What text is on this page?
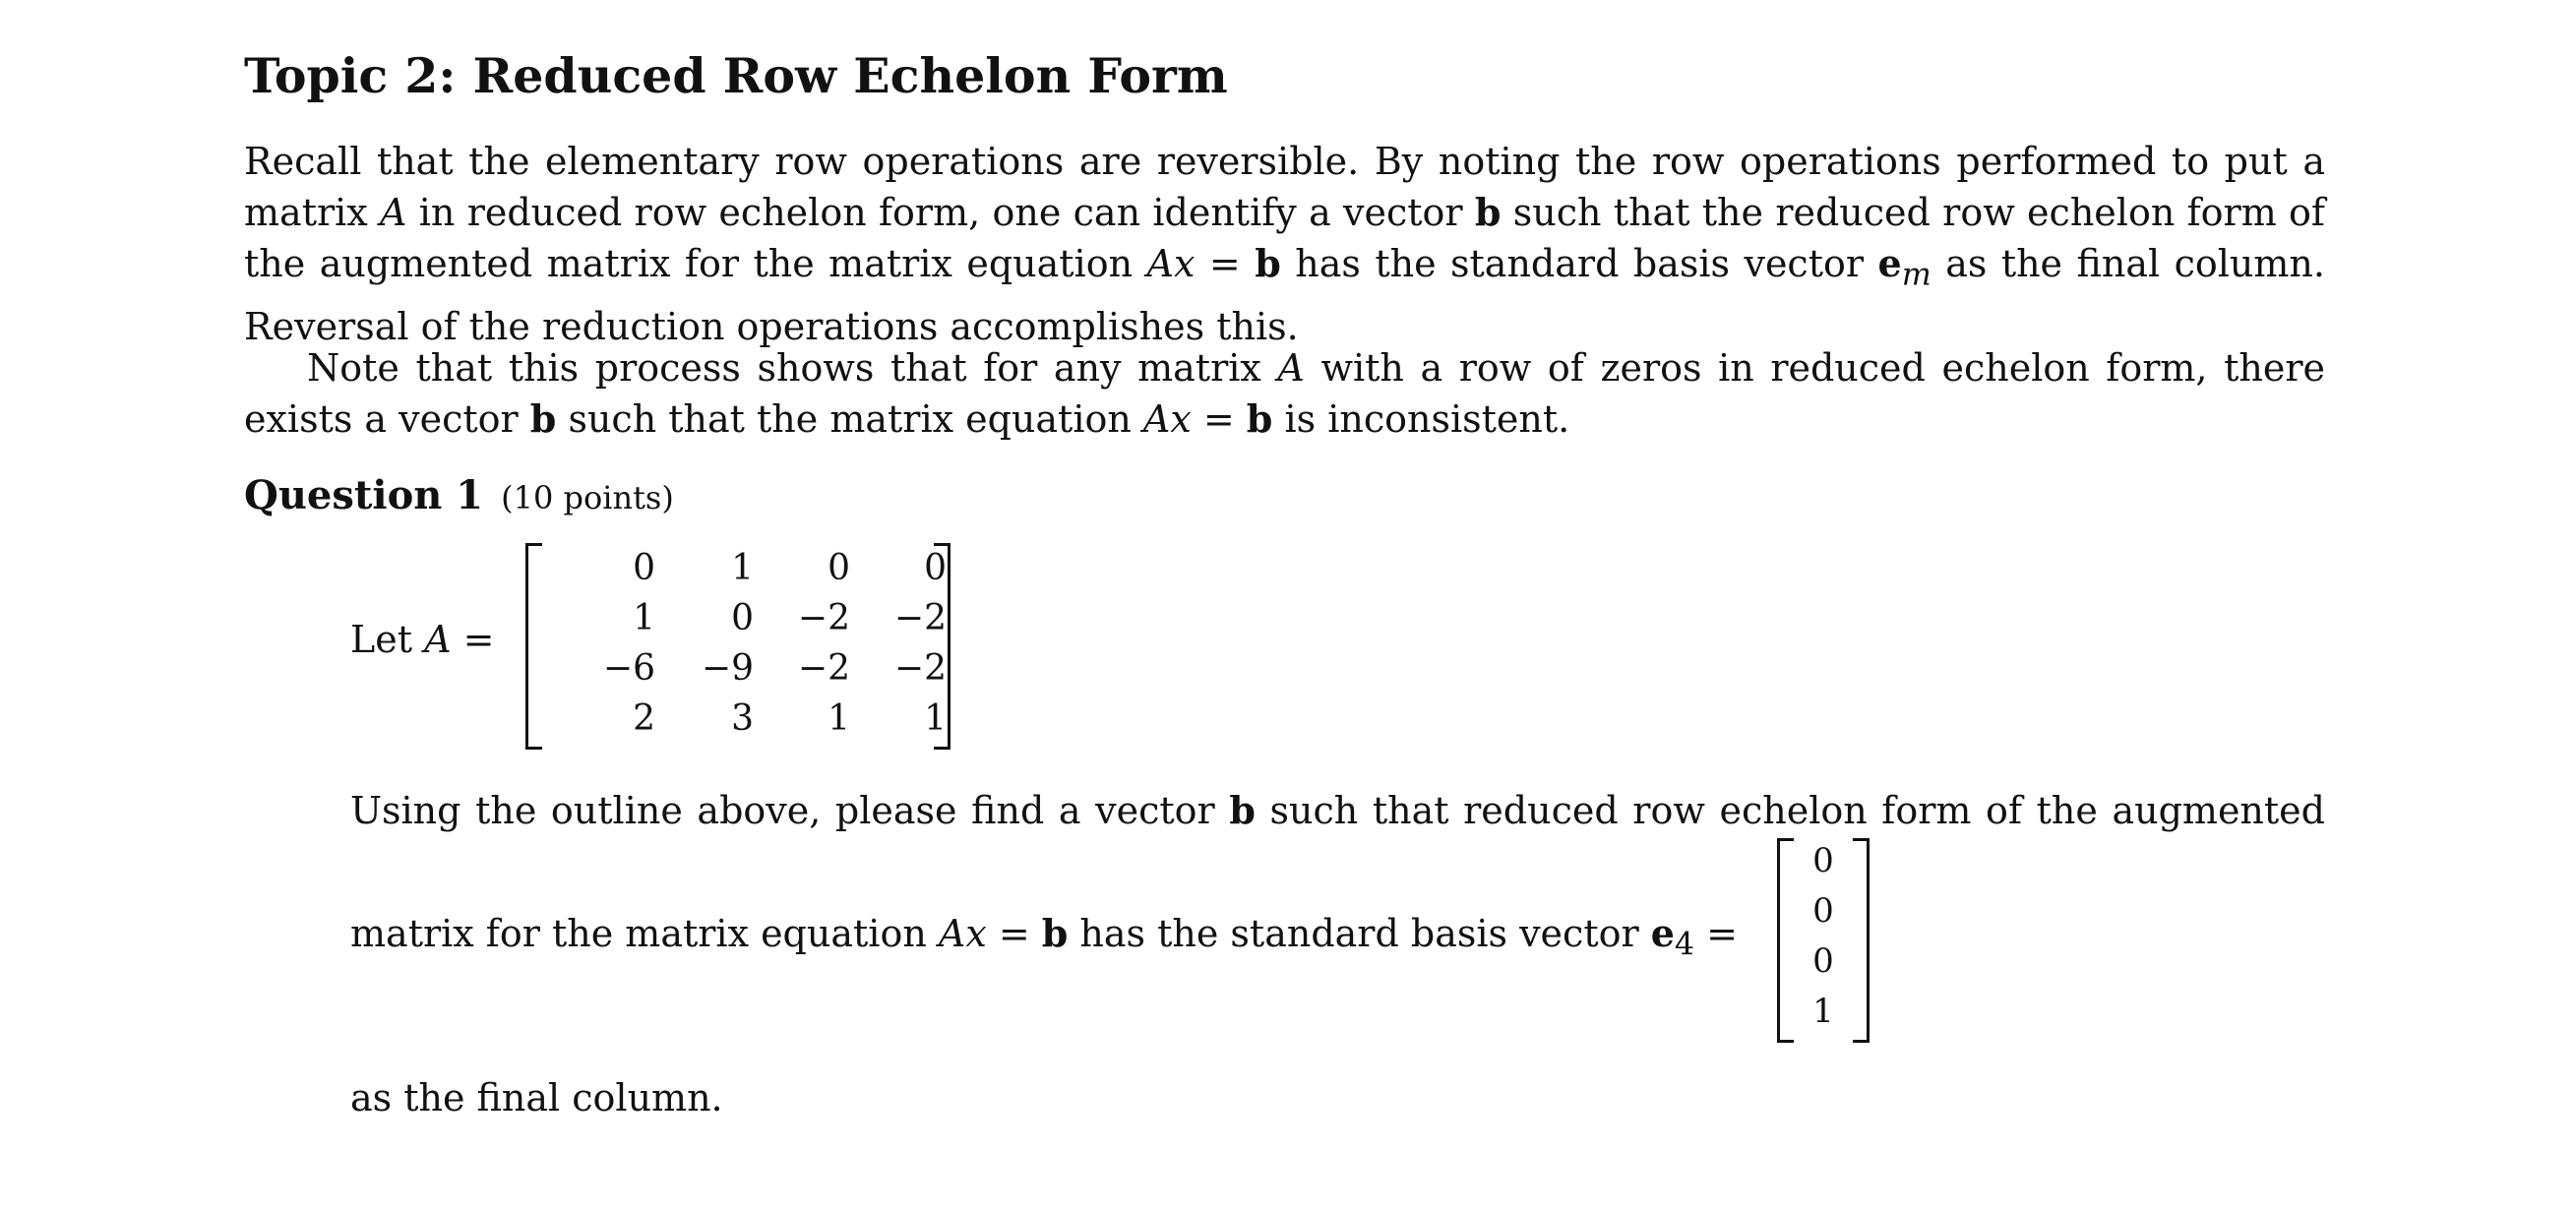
Topic 2: Reduced Row Echelon Form

Recall that the elementary row operations are reversible. By noting the row operations performed to put a matrix A in reduced row echelon form, one can identify a vector b such that the reduced row echelon form of the augmented matrix for the matrix equation Ax = b has the standard basis vector $e_m$ as the final column. Reversal of the reduction operations accomplishes this.

Note that this process shows that for any matrix A with a row of zeros in reduced echelon form, there exists a vector b such that the matrix equation Ax = b is inconsistent.

Question 1 (10 points)
Let A =
0	1	0	0
1	0	−2	−2
−6	−9	−2	−2
2	3	1	1

Using the outline above, please find a vector b such that reduced row echelon form of the augmented

matrix for the matrix equation Ax = b has the standard basis vector $e_4$ =
0
0
0
1
as the final column.
